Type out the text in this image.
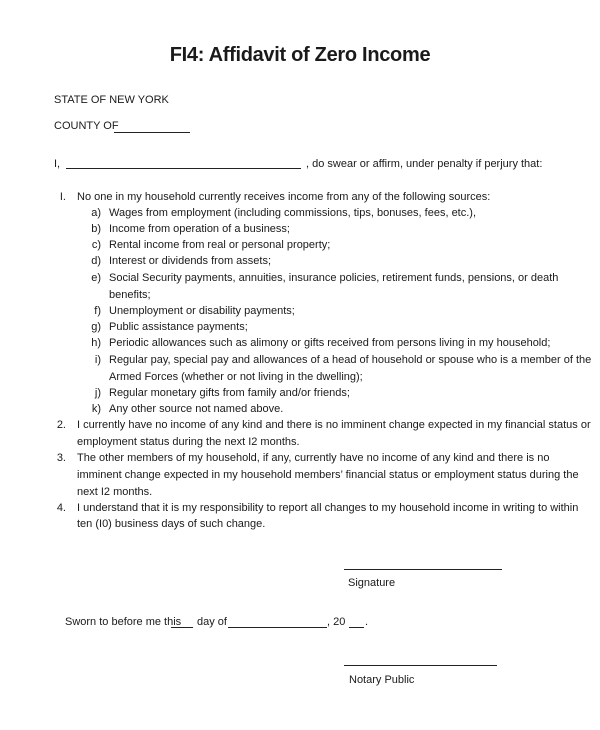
FI4: Affidavit of Zero Income
STATE OF NEW YORK
COUNTY OF
I,	, do swear or affirm, under penalty if perjury that:
I. No one in my household currently receives income from any of the following sources:
a) Wages from employment (including commissions, tips, bonuses, fees, etc.),
b) Income from operation of a business;
c) Rental income from real or personal property;
d) Interest or dividends from assets;
e) Social Security payments, annuities, insurance policies, retirement funds, pensions, or death
benefits;
f) Unemployment or disability payments;
g) Public assistance payments;
h) Periodic allowances such as alimony or gifts received from persons living in my household;
i) Regular pay, special pay and allowances of a head of household or spouse who is a member of the
Armed Forces (whether or not living in the dwelling);
j) Regular monetary gifts from family and/or friends;
k) Any other source not named above.
2. I currently have no income of any kind and there is no imminent change expected in my financial status or
employment status during the next I2 months.
3. The other members of my household, if any, currently have no income of any kind and there is no
imminent change expected in my household members’ financial status or employment status during the
next I2 months.
4. I understand that it is my responsibility to report all changes to my household income in writing to within
ten (I0) business days of such change.
Signature
Sworn to before me this day of	, 20 .
Notary Public
